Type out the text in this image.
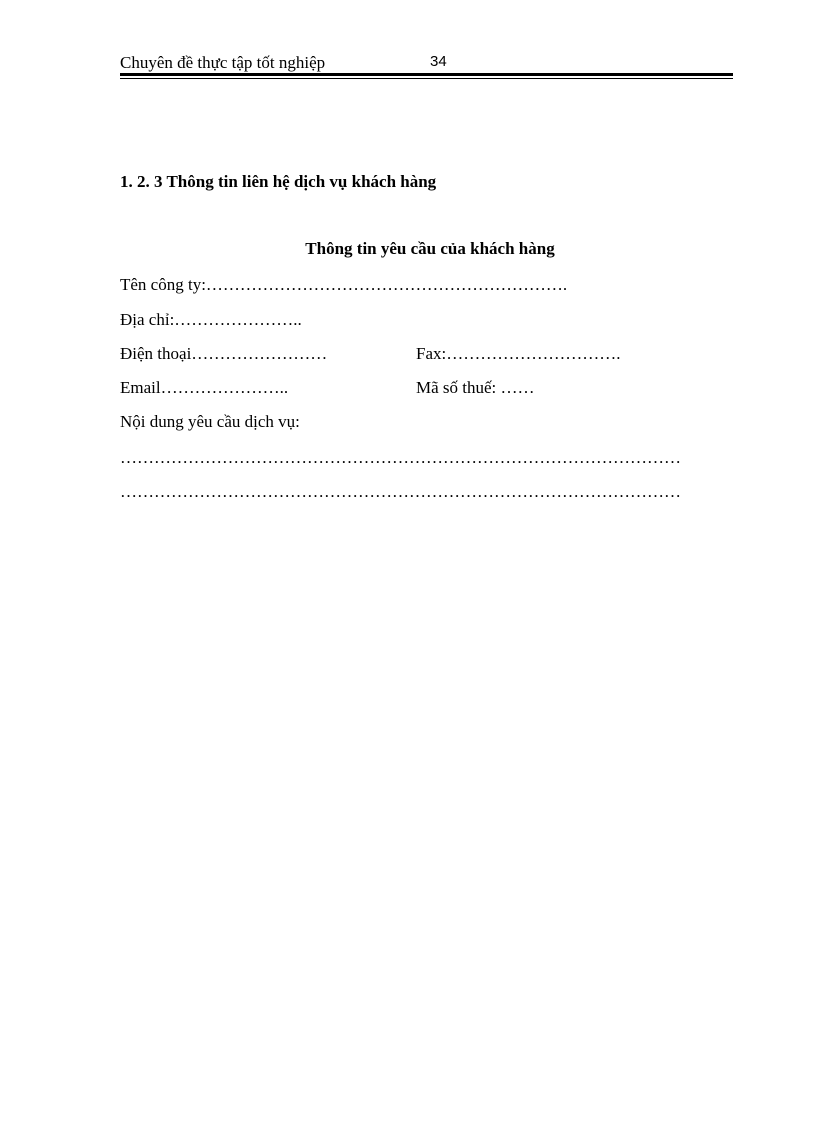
Chuyên đề thực tập tốt nghiệp	34
1. 2. 3 Thông tin liên hệ dịch vụ khách hàng
Thông tin yêu cầu của khách hàng
Tên công ty:……………………………………………………….
Địa chỉ:…………………..
Điện thoại……………………	Fax:………………………….
Email…………………..	Mã số thuế: ……
Nội dung yêu cầu dịch vụ:
………………………………………………………………………………………
………………………………………………………………………………………
